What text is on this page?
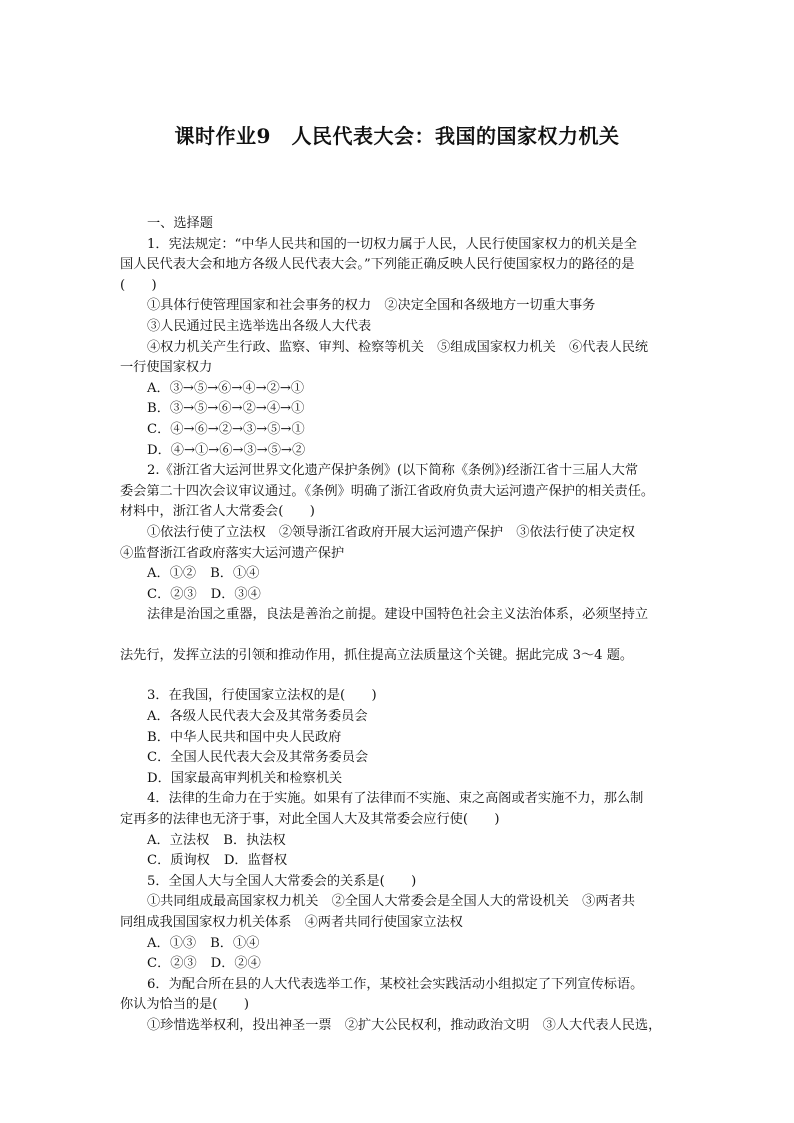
课时作业9　人民代表大会：我国的国家权力机关
一、选择题
1．宪法规定：“中华人民共和国的一切权力属于人民，人民行使国家权力的机关是全
国人民代表大会和地方各级人民代表大会。”下列能正确反映人民行使国家权力的路径的是
(　　)
①具体行使管理国家和社会事务的权力　②决定全国和各级地方一切重大事务
③人民通过民主选举选出各级人大代表
④权力机关产生行政、监察、审判、检察等机关　⑤组成国家权力机关　⑥代表人民统
一行使国家权力
A．③→⑤→⑥→④→②→①
B．③→⑤→⑥→②→④→①
C．④→⑥→②→③→⑤→①
D．④→①→⑥→③→⑤→②
2.《浙江省大运河世界文化遗产保护条例》(以下简称《条例》)经浙江省十三届人大常
委会第二十四次会议审议通过。《条例》明确了浙江省政府负责大运河遗产保护的相关责任。
材料中，浙江省人大常委会(　　)
①依法行使了立法权　②领导浙江省政府开展大运河遗产保护　③依法行使了决定权
④监督浙江省政府落实大运河遗产保护
A．①② B．①④
C．②③ D．③④
法律是治国之重器，良法是善治之前提。建设中国特色社会主义法治体系，必须坚持立
法先行，发挥立法的引领和推动作用，抓住提高立法质量这个关键。据此完成 3～4 题。
3．在我国，行使国家立法权的是(　　)
A．各级人民代表大会及其常务委员会
B．中华人民共和国中央人民政府
C．全国人民代表大会及其常务委员会
D．国家最高审判机关和检察机关
4．法律的生命力在于实施。如果有了法律而不实施、束之高阁或者实施不力，那么制
定再多的法律也无济于事，对此全国人大及其常委会应行使(　　)
A．立法权 B．执法权
C．质询权 D．监督权
5．全国人大与全国人大常委会的关系是(　　)
①共同组成最高国家权力机关　②全国人大常委会是全国人大的常设机关　③两者共
同组成我国国家权力机关体系　④两者共同行使国家立法权
A．①③ B．①④
C．②③ D．②④
6．为配合所在县的人大代表选举工作，某校社会实践活动小组拟定了下列宣传标语。
你认为恰当的是(　　)
①珍惜选举权利，投出神圣一票　②扩大公民权利，推动政治文明　③人大代表人民选，
